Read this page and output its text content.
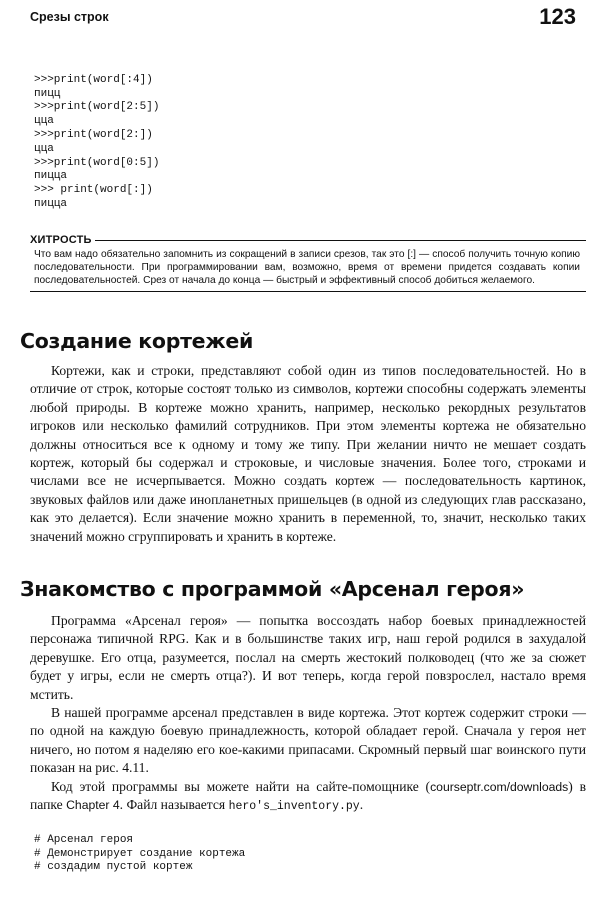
Срезы строк	123

>>>print(word[:4])
пицц
>>>print(word[2:5])
цца
>>>print(word[2:])
цца
>>>print(word[0:5])
пицца
>>> print(word[:])
пицца

ХИТРОСТЬ
Что вам надо обязательно запомнить из сокращений в записи срезов, так это [:] — способ получить точную копию последовательности. При программировании вам, возможно, время от времени придется создавать копии последовательностей. Срез от начала до конца — быстрый и эффективный способ добиться желаемого.
Создание кортежей

Кортежи, как и строки, представляют собой один из типов последовательностей. Но в отличие от строк, которые состоят только из символов, кортежи способны содержать элементы любой природы. В кортеже можно хранить, например, несколько рекордных результатов игроков или несколько фамилий сотрудников. При этом элементы кортежа не обязательно должны относиться все к одному и тому же типу. При желании ничто не мешает создать кортеж, который бы содержал и строковые, и числовые значения. Более того, строками и числами все не исчерпывается. Можно создать кортеж — последовательность картинок, звуковых файлов или даже инопланетных пришельцев (в одной из следующих глав рассказано, как это делается). Если значение можно хранить в переменной, то, значит, несколько таких значений можно сгруппировать и хранить в кортеже.

Знакомство с программой «Арсенал героя»

Программа «Арсенал героя» — попытка воссоздать набор боевых принадлежностей персонажа типичной RPG. Как и в большинстве таких игр, наш герой родился в захудалой деревушке. Его отца, разумеется, послал на смерть жестокий полководец (что же за сюжет будет у игры, если не смерть отца?). И вот теперь, когда герой повзрослел, настало время мстить.

В нашей программе арсенал представлен в виде кортежа. Этот кортеж содержит строки — по одной на каждую боевую принадлежность, которой обладает герой. Сначала у героя нет ничего, но потом я наделяю его кое-какими припасами. Скромный первый шаг воинского пути показан на рис. 4.11.

Код этой программы вы можете найти на сайте-помощнике (courseptr.com/downloads) в папке Chapter 4. Файл называется hero's_inventory.py.

# Арсенал героя
# Демонстрирует создание кортежа
# создадим пустой кортеж
